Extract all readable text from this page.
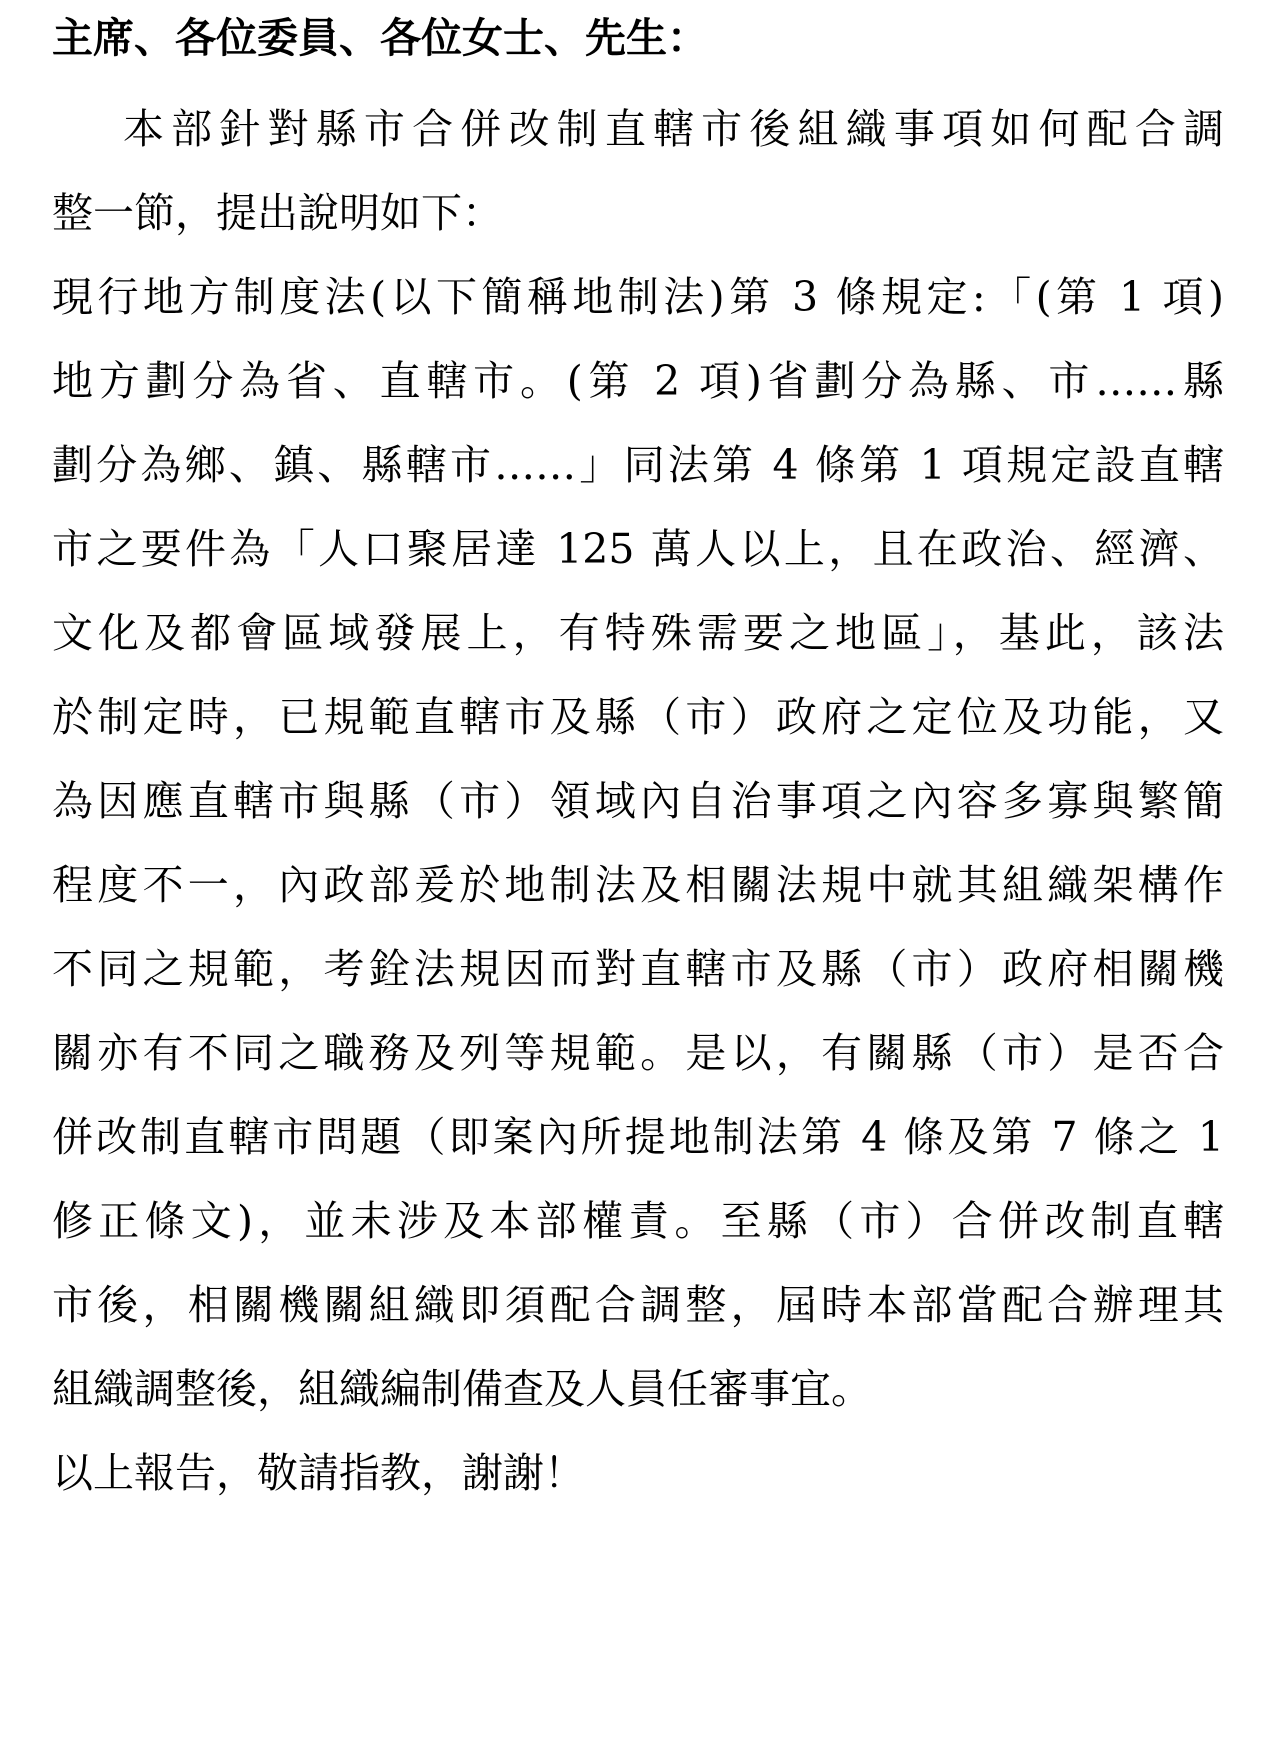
主席、各位委員、各位女士、先生：
本部針對縣市合併改制直轄市後組織事項如何配合調
整一節，提出說明如下：
現行地方制度法(以下簡稱地制法)第 3 條規定:「(第 1 項)
地方劃分為省、直轄市。(第 2 項)省劃分為縣、市……縣
劃分為鄉、鎮、縣轄市……」同法第 4 條第 1 項規定設直轄
市之要件為「人口聚居達 125 萬人以上，且在政治、經濟、
文化及都會區域發展上，有特殊需要之地區」，基此，該法
於制定時，已規範直轄市及縣（市）政府之定位及功能，又
為因應直轄市與縣（市）領域內自治事項之內容多寡與繁簡
程度不一，內政部爰於地制法及相關法規中就其組織架構作
不同之規範，考銓法規因而對直轄市及縣（市）政府相關機
關亦有不同之職務及列等規範。是以，有關縣（市）是否合
併改制直轄市問題（即案內所提地制法第 4 條及第 7 條之 1
修正條文)，並未涉及本部權責。至縣（市）合併改制直轄
市後，相關機關組織即須配合調整，屆時本部當配合辦理其
組織調整後，組織編制備查及人員任審事宜。
以上報告，敬請指教，謝謝！
